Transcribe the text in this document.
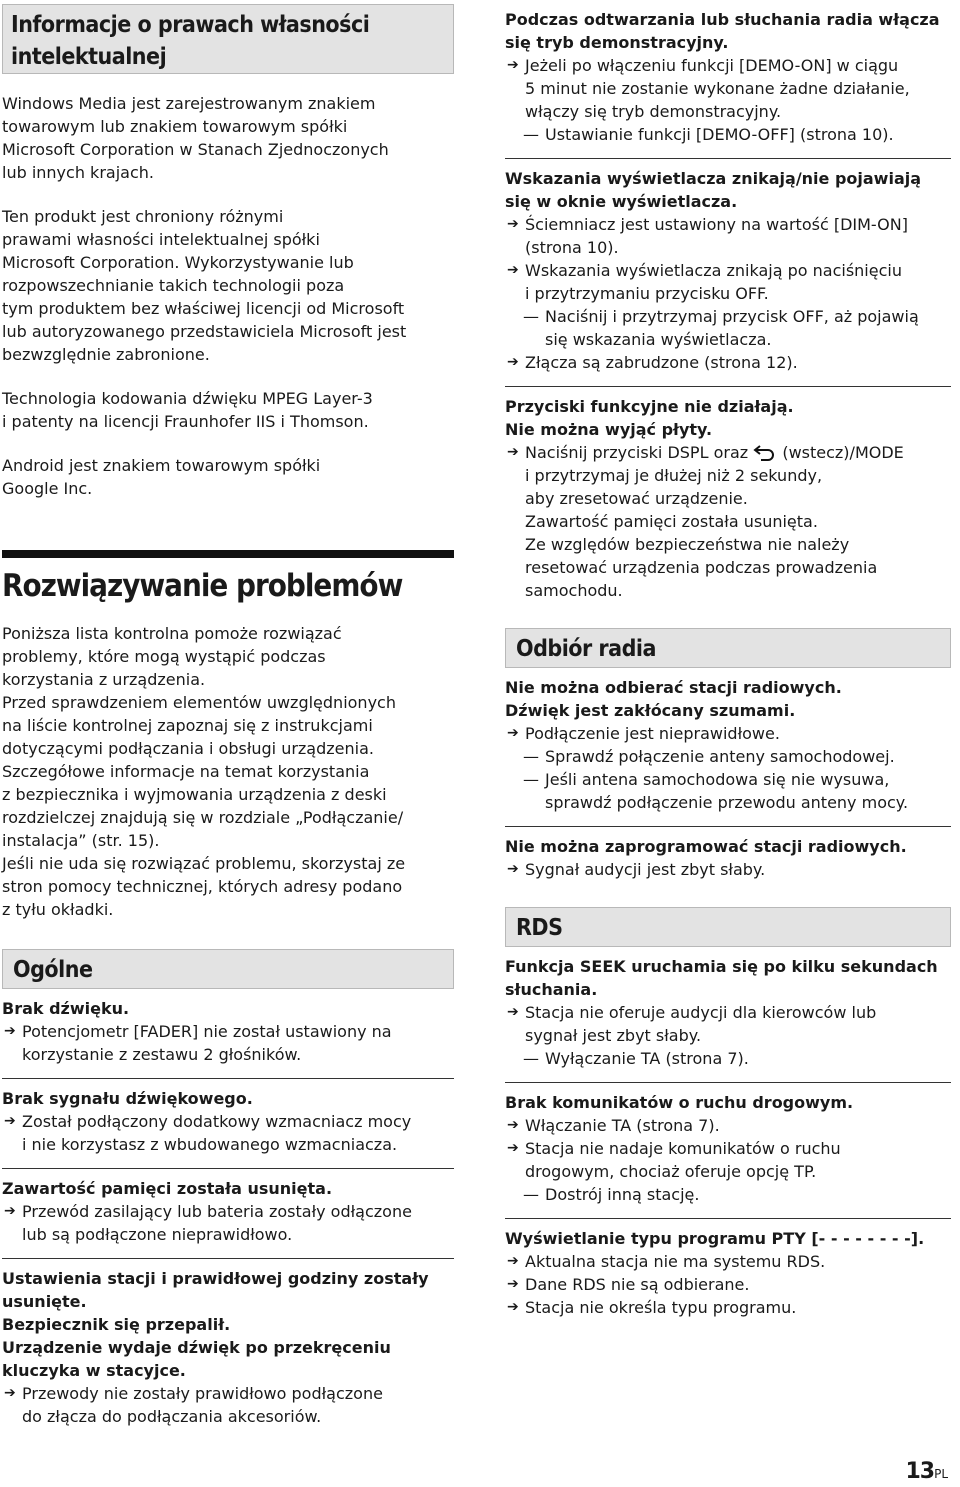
Informacje o prawach własności
intelektualnej

Windows Media jest zarejestrowanym znakiem
towarowym lub znakiem towarowym spółki
Microsoft Corporation w Stanach Zjednoczonych
lub innych krajach.

Ten produkt jest chroniony różnymi
prawami własności intelektualnej spółki
Microsoft Corporation. Wykorzystywanie lub
rozpowszechnianie takich technologii poza
tym produktem bez właściwej licencji od Microsoft
lub autoryzowanego przedstawiciela Microsoft jest
bezwzględnie zabronione.

Technologia kodowania dźwięku MPEG Layer-3
i patenty na licencji Fraunhofer IIS i Thomson.

Android jest znakiem towarowym spółki
Google Inc.

Rozwiązywanie problemów

Poniższa lista kontrolna pomoże rozwiązać
problemy, które mogą wystąpić podczas
korzystania z urządzenia.
Przed sprawdzeniem elementów uwzględnionych
na liście kontrolnej zapoznaj się z instrukcjami
dotyczącymi podłączania i obsługi urządzenia.
Szczegółowe informacje na temat korzystania
z bezpiecznika i wyjmowania urządzenia z deski
rozdzielczej znajdują się w rozdziale „Podłączanie/
instalacja” (str. 15).
Jeśli nie uda się rozwiązać problemu, skorzystaj ze
stron pomocy technicznej, których adresy podano
z tyłu okładki.

Ogólne

Brak dźwięku.

➔ Potencjometr [FADER] nie został ustawiony na
korzystanie z zestawu 2 głośników.

Brak sygnału dźwiękowego.

➔ Został podłączony dodatkowy wzmacniacz mocy
i nie korzystasz z wbudowanego wzmacniacza.

Zawartość pamięci została usunięta.

➔ Przewód zasilający lub bateria zostały odłączone
lub są podłączone nieprawidłowo.

Ustawienia stacji i prawidłowej godziny zostały
usunięte.
Bezpiecznik się przepalił.
Urządzenie wydaje dźwięk po przekręceniu
kluczyka w stacyjce.

➔ Przewody nie zostały prawidłowo podłączone
do złącza do podłączania akcesoriów.

Podczas odtwarzania lub słuchania radia włącza
się tryb demonstracyjny.

➔ Jeżeli po włączeniu funkcji [DEMO-ON] w ciągu
5 minut nie zostanie wykonane żadne działanie,
włączy się tryb demonstracyjny.
— Ustawianie funkcji [DEMO-OFF] (strona 10).

Wskazania wyświetlacza znikają/nie pojawiają
się w oknie wyświetlacza.

➔ Ściemniacz jest ustawiony na wartość [DIM-ON]
(strona 10).
➔ Wskazania wyświetlacza znikają po naciśnięciu
i przytrzymaniu przycisku OFF.
— Naciśnij i przytrzymaj przycisk OFF, aż pojawią
się wskazania wyświetlacza.
➔ Złącza są zabrudzone (strona 12).

Przyciski funkcyjne nie działają.
Nie można wyjąć płyty.

➔ Naciśnij przyciski DSPL oraz (wstecz)/MODE
i przytrzymaj je dłużej niż 2 sekundy,
aby zresetować urządzenie.
Zawartość pamięci została usunięta.
Ze względów bezpieczeństwa nie należy
resetować urządzenia podczas prowadzenia
samochodu.
Odbiór radia

Nie można odbierać stacji radiowych.
Dźwięk jest zakłócany szumami.

➔ Podłączenie jest nieprawidłowe.
— Sprawdź połączenie anteny samochodowej.
— Jeśli antena samochodowa się nie wysuwa,
sprawdź podłączenie przewodu anteny mocy.

Nie można zaprogramować stacji radiowych.

➔ Sygnał audycji jest zbyt słaby.
RDS

Funkcja SEEK uruchamia się po kilku sekundach
słuchania.

➔ Stacja nie oferuje audycji dla kierowców lub
sygnał jest zbyt słaby.
— Wyłączanie TA (strona 7).

Brak komunikatów o ruchu drogowym.

➔ Włączanie TA (strona 7).
➔ Stacja nie nadaje komunikatów o ruchu
drogowym, chociaż oferuje opcję TP.
— Dostrój inną stację.

Wyświetlanie typu programu PTY [- - - - - - - -].

➔ Aktualna stacja nie ma systemu RDS.
➔ Dane RDS nie są odbierane.
➔ Stacja nie określa typu programu.
13PL
